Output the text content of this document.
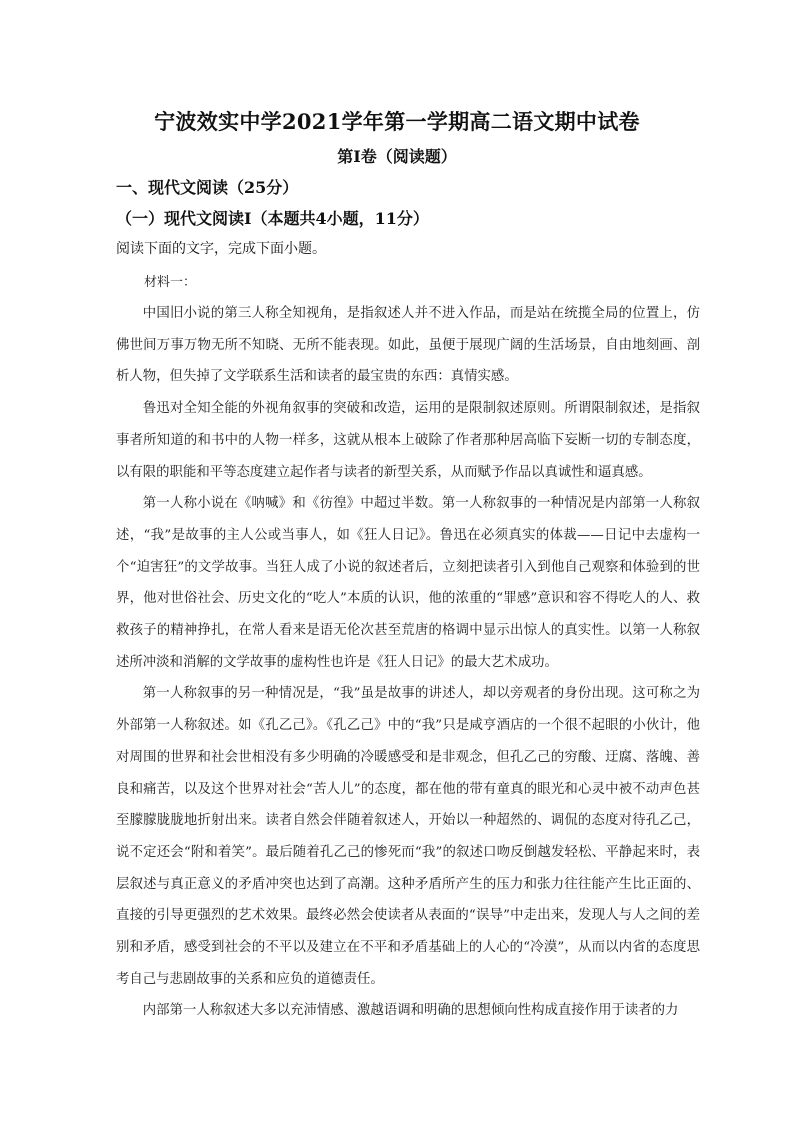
宁波效实中学2021学年第一学期高二语文期中试卷
第Ⅰ卷（阅读题）
一、现代文阅读（25分）
（一）现代文阅读Ⅰ（本题共4小题，11分）
阅读下面的文字，完成下面小题。
材料一：

中国旧小说的第三人称全知视角，是指叙述人并不进入作品，而是站在统揽全局的位置上，仿佛世间万事万物无所不知晓、无所不能表现。如此，虽便于展现广阔的生活场景，自由地刻画、剖析人物，但失掉了文学联系生活和读者的最宝贵的东西：真情实感。

鲁迅对全知全能的外视角叙事的突破和改造，运用的是限制叙述原则。所谓限制叙述，是指叙事者所知道的和书中的人物一样多，这就从根本上破除了作者那种居高临下妄断一切的专制态度，以有限的职能和平等态度建立起作者与读者的新型关系，从而赋予作品以真诚性和逼真感。

第一人称小说在《呐喊》和《彷徨》中超过半数。第一人称叙事的一种情况是内部第一人称叙述，“我”是故事的主人公或当事人，如《狂人日记》。鲁迅在必须真实的体裁——日记中去虚构一个“迫害狂”的文学故事。当狂人成了小说的叙述者后，立刻把读者引入到他自己观察和体验到的世界，他对世俗社会、历史文化的“吃人”本质的认识，他的浓重的“罪感”意识和容不得吃人的人、救救孩子的精神挣扎，在常人看来是语无伦次甚至荒唐的格调中显示出惊人的真实性。以第一人称叙述所冲淡和消解的文学故事的虚构性也许是《狂人日记》的最大艺术成功。

第一人称叙事的另一种情况是，“我”虽是故事的讲述人，却以旁观者的身份出现。这可称之为外部第一人称叙述。如《孔乙己》。《孔乙己》中的“我”只是咸亨酒店的一个很不起眼的小伙计，他对周围的世界和社会世相没有多少明确的冷暖感受和是非观念，但孔乙己的穷酸、迂腐、落魄、善良和痛苦，以及这个世界对社会“苦人儿”的态度，都在他的带有童真的眼光和心灵中被不动声色甚至朦朦胧胧地折射出来。读者自然会伴随着叙述人，开始以一种超然的、调侃的态度对待孔乙己，说不定还会“附和着笑”。最后随着孔乙己的惨死而“我”的叙述口吻反倒越发轻松、平静起来时，表层叙述与真正意义的矛盾冲突也达到了高潮。这种矛盾所产生的压力和张力往往能产生比正面的、直接的引导更强烈的艺术效果。最终必然会使读者从表面的“误导”中走出来，发现人与人之间的差别和矛盾，感受到社会的不平以及建立在不平和矛盾基础上的人心的“冷漠”，从而以内省的态度思考自己与悲剧故事的关系和应负的道德责任。

内部第一人称叙述大多以充沛情感、激越语调和明确的思想倾向性构成直接作用于读者的力
